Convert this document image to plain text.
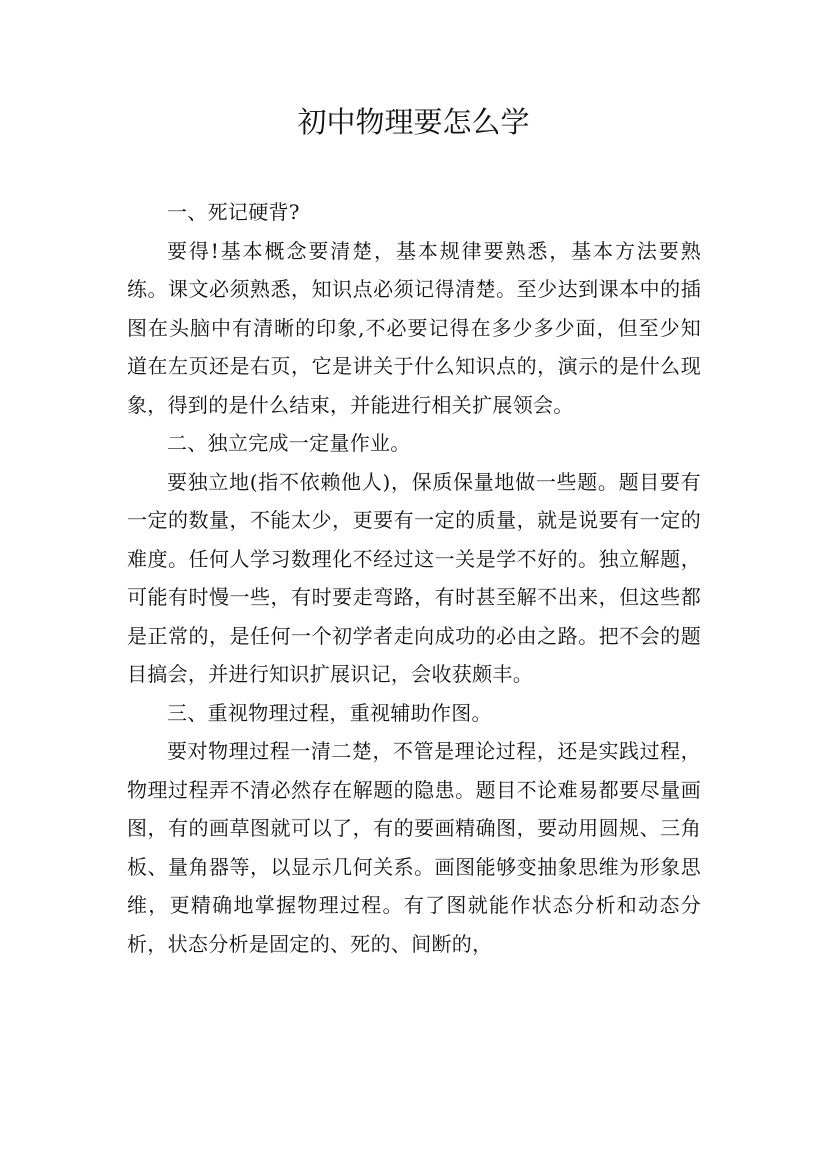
初中物理要怎么学

一、死记硬背?

要得!基本概念要清楚，基本规律要熟悉，基本方法要熟练。课文必须熟悉，知识点必须记得清楚。至少达到课本中的插图在头脑中有清晰的印象,不必要记得在多少多少面，但至少知道在左页还是右页，它是讲关于什么知识点的，演示的是什么现象，得到的是什么结束，并能进行相关扩展领会。

二、独立完成一定量作业。

要独立地(指不依赖他人)，保质保量地做一些题。题目要有一定的数量，不能太少，更要有一定的质量，就是说要有一定的难度。任何人学习数理化不经过这一关是学不好的。独立解题，可能有时慢一些，有时要走弯路，有时甚至解不出来，但这些都是正常的，是任何一个初学者走向成功的必由之路。把不会的题目搞会，并进行知识扩展识记，会收获颇丰。

三、重视物理过程，重视辅助作图。

要对物理过程一清二楚，不管是理论过程，还是实践过程，物理过程弄不清必然存在解题的隐患。题目不论难易都要尽量画图，有的画草图就可以了，有的要画精确图，要动用圆规、三角板、量角器等，以显示几何关系。画图能够变抽象思维为形象思维，更精确地掌握物理过程。有了图就能作状态分析和动态分析，状态分析是固定的、死的、间断的，
